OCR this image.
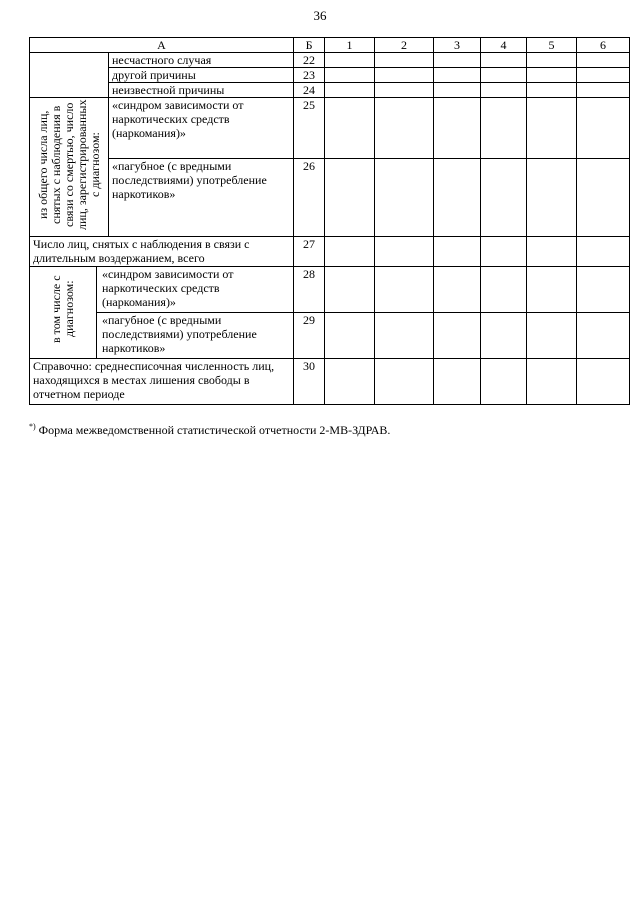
36
А			Б	1	2	3	4	5	6
		несчастного случая	22						
		другой причины	23						
		неизвестной причины	24						

из общего числа лиц, снятых с наблюдения в связи со смертью, число лиц, зарегистрированных с диагнозом:		«синдром зависимости от наркотических средств (наркомания)»	25						
		«пагубное (с вредными последствиями) употребление наркотиков»	26						
Число лиц, снятых с наблюдения в связи с длительным воздержанием, всего			27						

в том числе с диагнозом:	«синдром зависимости от наркотических средств (наркомания)»		28						
	«пагубное (с вредными последствиями) употребление наркотиков»		29						
Справочно: среднесписочная численность лиц, находящихся в местах лишения свободы в отчетном периоде			30						
*) Форма межведомственной статистической отчетности 2-МВ-ЗДРАВ.
